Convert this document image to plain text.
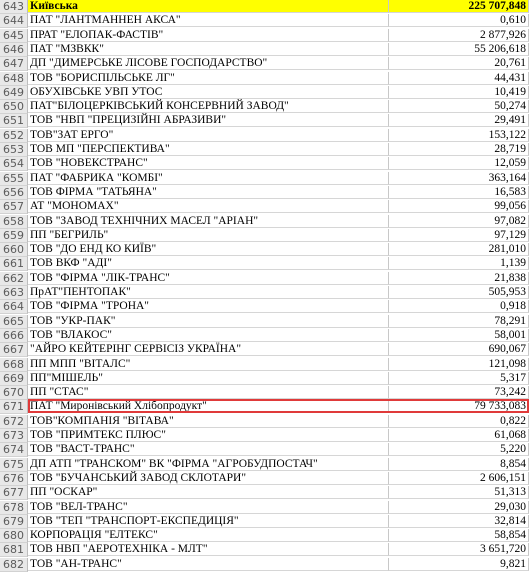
643 Київська	225 707,848
644 ПАТ "ЛАНТМАННЕН АКСА"	0,610
645 ПРАТ "ЕЛОПАК-ФАСТІВ"	2 877,926
646 ПАТ "МЗВКК"	55 206,618
647 ДП "ДИМЕРСЬКЕ ЛІСОВЕ ГОСПОДАРСТВО"	20,761
648 ТОВ "БОРИСПІЛЬСЬКЕ ЛГ"	44,431
649 ОБУХІВСЬКЕ УВП УТОС	10,419
650 ПАТ"БІЛОЦЕРКІВСЬКИЙ КОНСЕРВНИЙ ЗАВОД"	50,274
651 ТОВ "НВП "ПРЕЦИЗІЙНІ АБРАЗИВИ"	29,491
652 ТОВ"ЗАТ ЕРГО"	153,122
653 ТОВ МП "ПЕРСПЕКТИВА"	28,719
654 ТОВ "НОВЕКСТРАНС"	12,059
655 ПАТ "ФАБРИКА "КОМБІ"	363,164
656 ТОВ ФІРМА "ТАТЬЯНА"	16,583
657 АТ "МОНОМАХ"	99,056
658 ТОВ "ЗАВОД ТЕХНІЧНИХ МАСЕЛ "АРІАН"	97,082
659 ПП "БЕГРИЛЬ"	97,129
660 ТОВ "ДО ЕНД КО КИЇВ"	281,010
661 ТОВ ВКФ "АДІ"	1,139
662 ТОВ "ФІРМА "ЛІК-ТРАНС"	21,838
663 ПрАТ"ПЕНТОПАК"	505,953
664 ТОВ "ФІРМА "ТРОНА"	0,918
665 ТОВ "УКР-ПАК"	78,291
666 ТОВ "ВЛАКОС"	58,001
667 "АЙРО КЕЙТЕРІНГ СЕРВІСІЗ УКРАЇНА"	690,067
668 ПП МПП "ВІТАЛС"	121,098
669 ПП"МІШЕЛЬ"	5,317
670 ПП "СТАС"	73,242
671 ПАТ "Миронівський Хлібопродукт"	79 733,083
672 ТОВ"КОМПАНІЯ "ВІТАВА"	0,822
673 ТОВ "ПРИМТЕКС ПЛЮС"	61,068
674 ТОВ "ВАСТ-ТРАНС"	5,220
675 ДП АТП "ТРАНСКОМ" ВК "ФІРМА "АГРОБУДПОСТАЧ"	8,854
676 ТОВ "БУЧАНСЬКИЙ ЗАВОД СКЛОТАРИ"	2 606,151
677 ПП "ОСКАР"	51,313
678 ТОВ "ВЕЛ-ТРАНС"	29,030
679 ТОВ "ТЕП "ТРАНСПОРТ-ЕКСПЕДИЦІЯ"	32,814
680 КОРПОРАЦІЯ "ЕЛТЕКС"	58,854
681 ТОВ НВП "АЕРОТЕХНІКА - МЛТ"	3 651,720
682 ТОВ "АН-ТРАНС"	9,821
